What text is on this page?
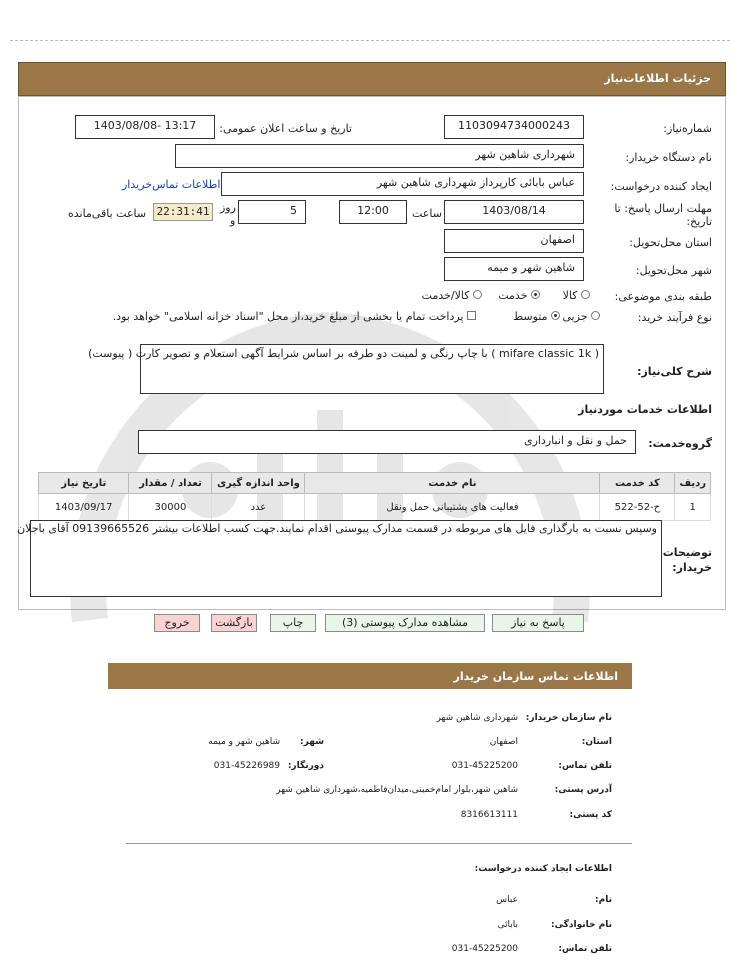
جزئیات اطلاعات‌نیاز
شماره‌نیاز:
1103094734000243
تاریخ و ساعت اعلان عمومی:
1403/08/08- 13:17
نام دستگاه خریدار:
شهرداری شاهین شهر
ایجاد کننده درخواست:
عباس بابائی کارپرداز شهرداری شاهین شهر
اطلاعات تماس‌خریدار
مهلت ارسال پاسخ: تا
تاریخ:
1403/08/14
ساعت
12:00
5
روز
و
22:31:41
ساعت باقی‌مانده
استان محل‌تحویل:
اصفهان
شهر محل‌تحویل:
شاهین شهر و میمه
طبقه بندی موضوعی:
کالا
خدمت
کالا/خدمت
نوع فرآیند خرید:
جزیی
متوسط
پرداخت تمام یا بخشی از مبلغ خرید،از محل "اسناد خزانه اسلامی" خواهد بود.
شرح کلی‌نیاز:
( mifare classic 1k ) با چاپ رنگی و لمینت دو طرفه بر اساس شرایط آگهی استعلام و تصویر کارت ( پیوست)
اطلاعات خدمات موردنیاز
گروه‌خدمت:
حمل و نقل و انبارداری
ردیف	کد خدمت	نام خدمت	واحد اندازه گیری	تعداد / مقدار	تاریخ نیاز
1	ح-52-522	فعالیت های پشتیبانی حمل ونقل	عدد	30000	1403/09/17
توضیحات
خریدار:
وسپس نسبت به بارگذاری فایل های مربوطه در قسمت مدارک پیوستی اقدام نمایند.جهت کسب اطلاعات بیشتر 09139665526 آقای باجلان
پاسخ به نیاز
مشاهده مدارک پیوستی (3)
چاپ
بازگشت
خروج
اطلاعات تماس سازمان خریدار
نام سازمان خریدار:
شهرداری شاهین شهر
استان:
اصفهان
شهر:
شاهین شهر و میمه
تلفن تماس:
031-45225200
دورنگار:
031-45226989
آدرس پستی:
شاهین شهر،بلوار امام‌خمینی،میدان‌فاطمیه،شهرداری شاهین شهر
کد پستی:
8316613111
اطلاعات ایجاد کننده درخواست:
نام:
عباس
نام خانوادگی:
بابائی
تلفن تماس:
031-45225200
